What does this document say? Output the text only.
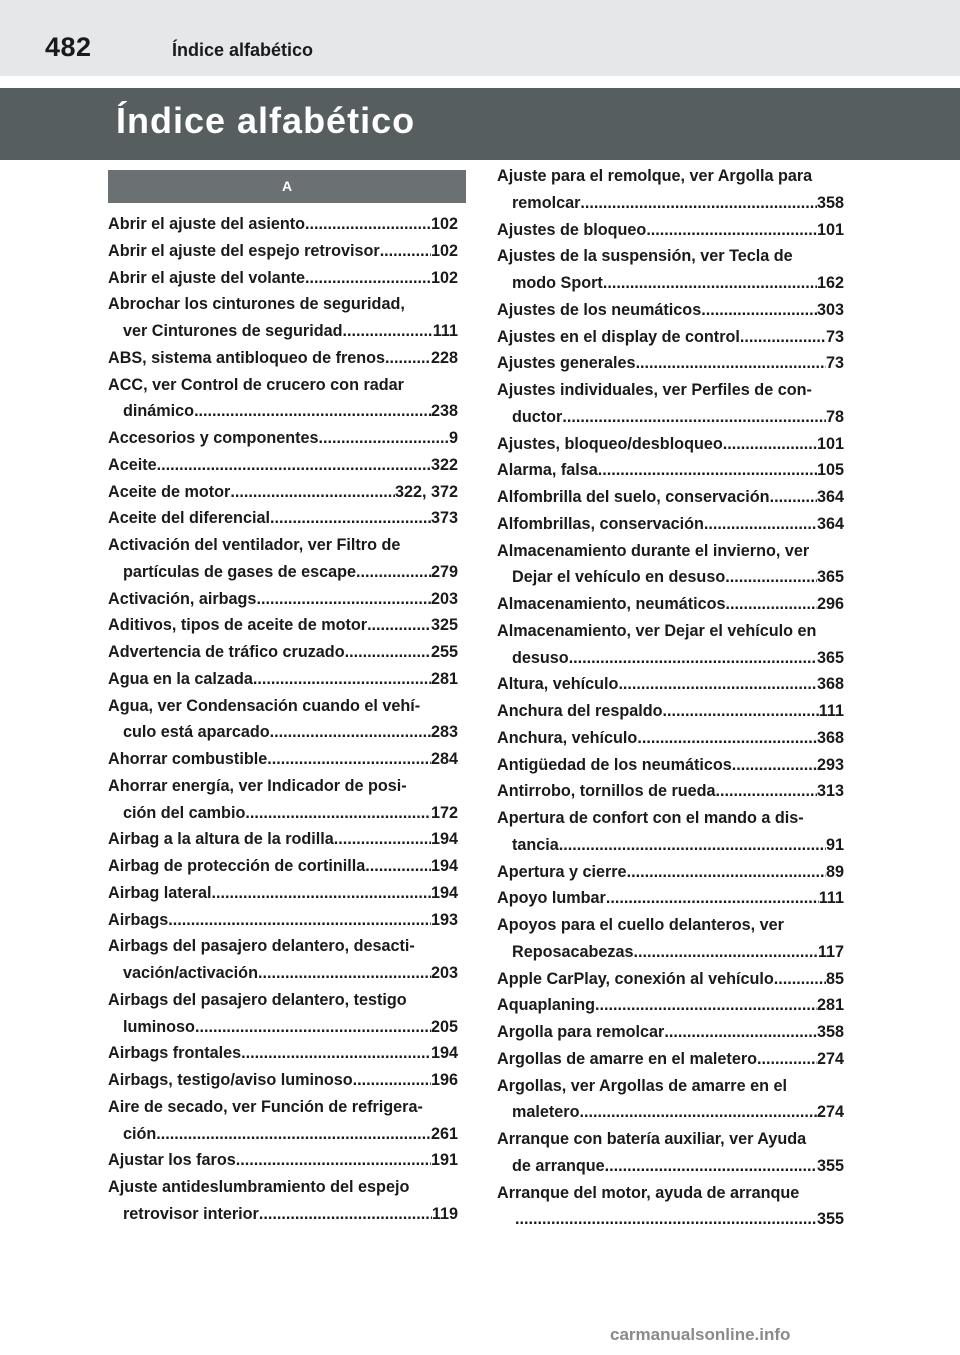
482	Índice alfabético
Índice alfabético
A
Abrir el ajuste del asiento .....	102
Abrir el ajuste del espejo retrovisor .....	102
Abrir el ajuste del volante .....	102
Abrochar los cinturones de seguridad,
ver Cinturones de seguridad .....	111
ABS, sistema antibloqueo de frenos .....	228
ACC, ver Control de crucero con radar
dinámico .....	238
Accesorios y componentes .....	9
Aceite .....	322
Aceite de motor .....	322, 372
Aceite del diferencial .....	373
Activación del ventilador, ver Filtro de
partículas de gases de escape .....	279
Activación, airbags .....	203
Aditivos, tipos de aceite de motor .....	325
Advertencia de tráfico cruzado .....	255
Agua en la calzada .....	281
Agua, ver Condensación cuando el vehí-
culo está aparcado .....	283
Ahorrar combustible .....	284
Ahorrar energía, ver Indicador de posi-
ción del cambio .....	172
Airbag a la altura de la rodilla .....	194
Airbag de protección de cortinilla .....	194
Airbag lateral .....	194
Airbags .....	193
Airbags del pasajero delantero, desacti-
vación/activación .....	203
Airbags del pasajero delantero, testigo
luminoso .....	205
Airbags frontales .....	194
Airbags, testigo/aviso luminoso .....	196
Aire de secado, ver Función de refrigera-
ción .....	261
Ajustar los faros .....	191
Ajuste antideslumbramiento del espejo
retrovisor interior .....	119
Ajuste para el remolque, ver Argolla para
remolcar .....	358
Ajustes de bloqueo .....	101
Ajustes de la suspensión, ver Tecla de
modo Sport .....	162
Ajustes de los neumáticos .....	303
Ajustes en el display de control .....	73
Ajustes generales .....	73
Ajustes individuales, ver Perfiles de con-
ductor .....	78
Ajustes, bloqueo/desbloqueo .....	101
Alarma, falsa .....	105
Alfombrilla del suelo, conservación .....	364
Alfombrillas, conservación .....	364
Almacenamiento durante el invierno, ver
Dejar el vehículo en desuso .....	365
Almacenamiento, neumáticos .....	296
Almacenamiento, ver Dejar el vehículo en
desuso .....	365
Altura, vehículo .....	368
Anchura del respaldo .....	111
Anchura, vehículo .....	368
Antigüedad de los neumáticos .....	293
Antirrobo, tornillos de rueda .....	313
Apertura de confort con el mando a dis-
tancia .....	91
Apertura y cierre .....	89
Apoyo lumbar .....	111
Apoyos para el cuello delanteros, ver
Reposacabezas .....	117
Apple CarPlay, conexión al vehículo .....	85
Aquaplaning .....	281
Argolla para remolcar .....	358
Argollas de amarre en el maletero .....	274
Argollas, ver Argollas de amarre en el
maletero .....	274
Arranque con batería auxiliar, ver Ayuda
de arranque .....	355
Arranque del motor, ayuda de arranque
.....
355
carmanualsonline.info
